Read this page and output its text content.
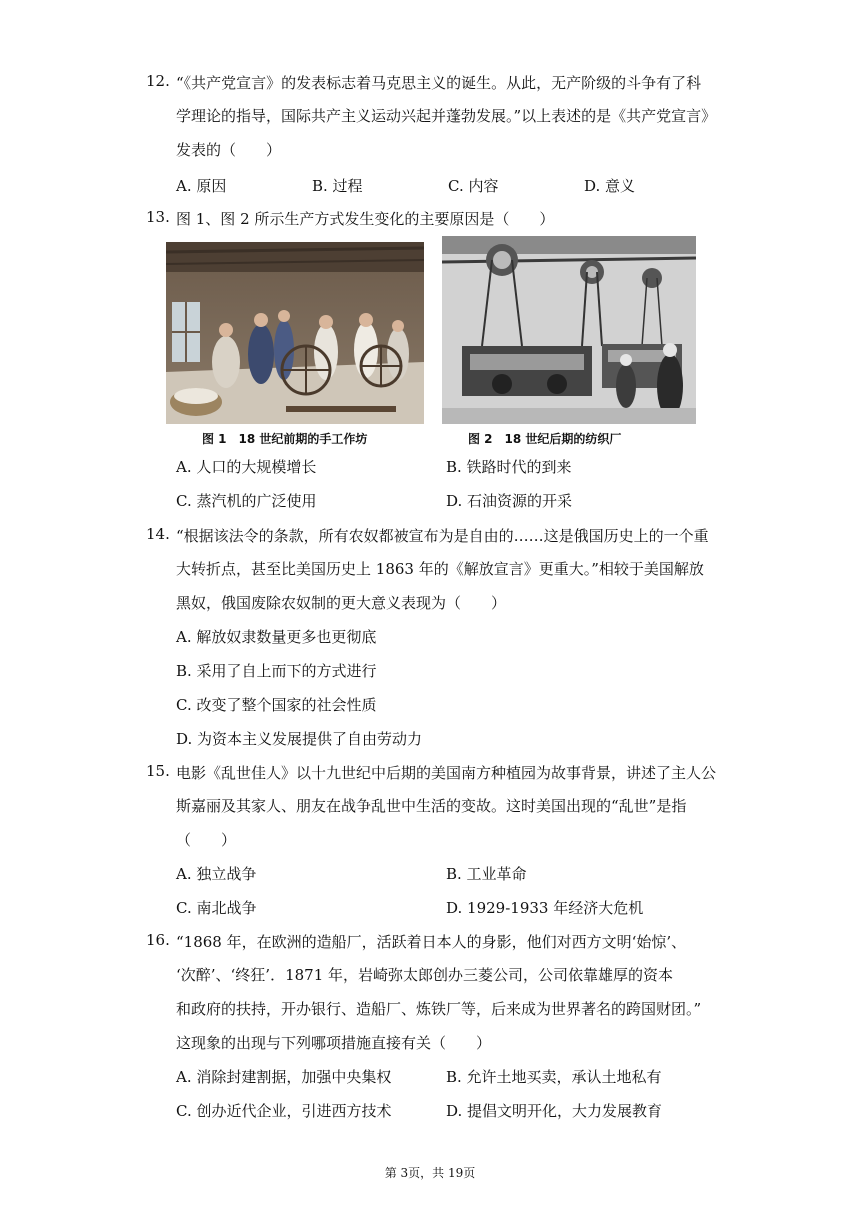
12. “《共产党宣言》的发表标志着马克思主义的诞生。从此，无产阶级的斗争有了科
学理论的指导，国际共产主义运动兴起并蓬勃发展。”以上表述的是《共产党宣言》
发表的（　　）
A. 原因	B. 过程	C. 内容	D. 意义
13. 图 1、图 2 所示生产方式发生变化的主要原因是（　　）
A. 人口的大规模增长	B. 铁路时代的到来
C. 蒸汽机的广泛使用	D. 石油资源的开采
图 1　18 世纪前期的手工作坊	图 2　18 世纪后期的纺织厂
14. “根据该法令的条款，所有农奴都被宣布为是自由的……这是俄国历史上的一个重
大转折点，甚至比美国历史上 1863 年的《解放宣言》更重大。”相较于美国解放
黑奴，俄国废除农奴制的更大意义表现为（　　）
A. 解放奴隶数量更多也更彻底
B. 采用了自上而下的方式进行
C. 改变了整个国家的社会性质
D. 为资本主义发展提供了自由劳动力
15. 电影《乱世佳人》以十九世纪中后期的美国南方种植园为故事背景，讲述了主人公
斯嘉丽及其家人、朋友在战争乱世中生活的变故。这时美国出现的“乱世”是指
（　　）
A. 独立战争	B. 工业革命
C. 南北战争	D. 1929-1933 年经济大危机
16. “1868 年，在欧洲的造船厂，活跃着日本人的身影，他们对西方文明‘始惊’、
‘次醉’、‘终狂’．1871 年，岩崎弥太郎创办三菱公司，公司依靠雄厚的资本
和政府的扶持，开办银行、造船厂、炼铁厂等，后来成为世界著名的跨国财团。”
这现象的出现与下列哪项措施直接有关（　　）
A. 消除封建割据，加强中央集权	B. 允许土地买卖，承认土地私有
C. 创办近代企业，引进西方技术	D. 提倡文明开化，大力发展教育
第 3页，共 19页
